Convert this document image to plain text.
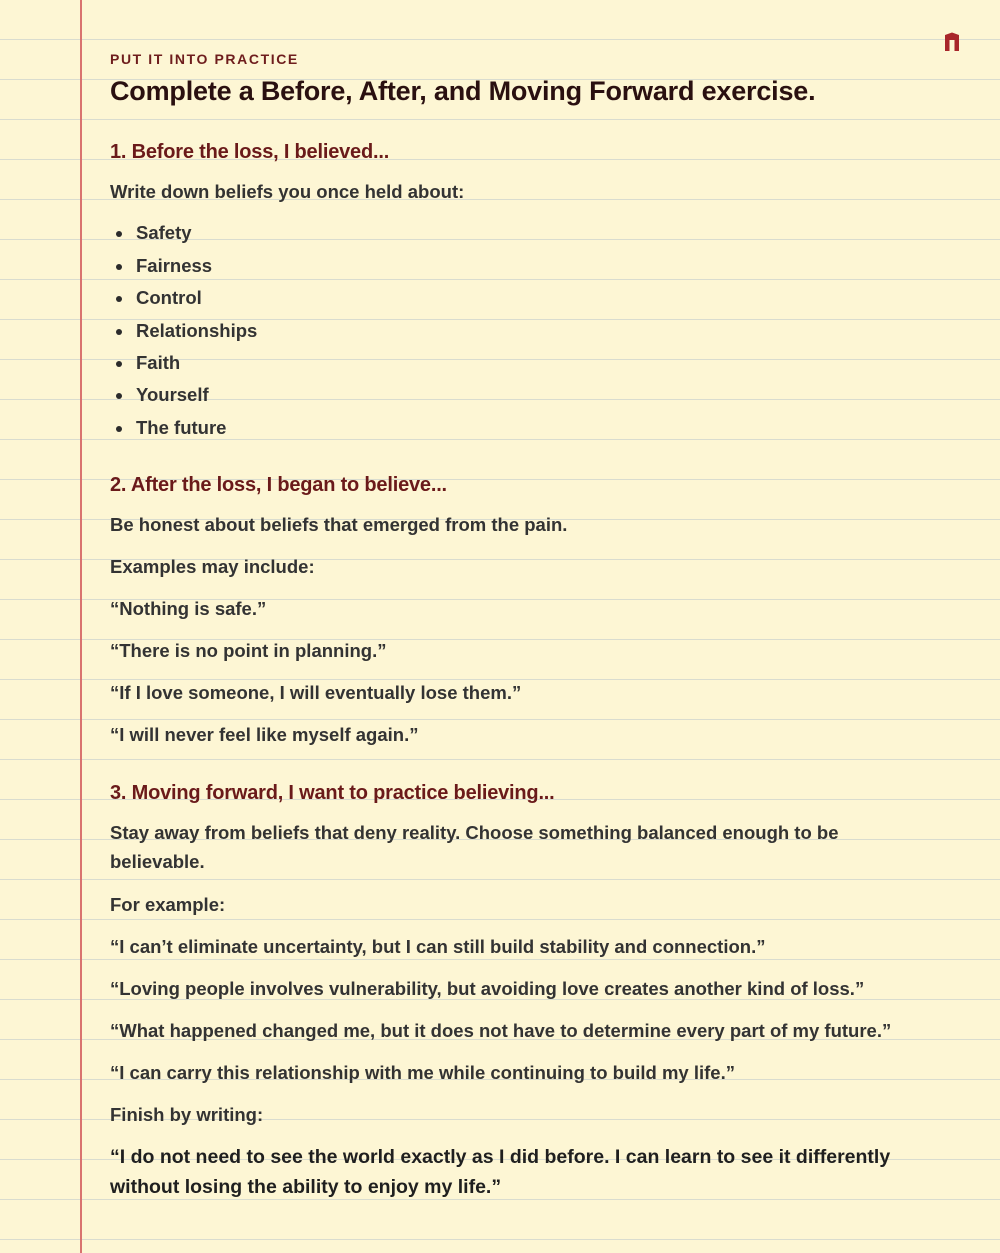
PUT IT INTO PRACTICE
Complete a Before, After, and Moving Forward exercise.
1. Before the loss, I believed...
Write down beliefs you once held about:
Safety
Fairness
Control
Relationships
Faith
Yourself
The future
2. After the loss, I began to believe...
Be honest about beliefs that emerged from the pain.
Examples may include:
“Nothing is safe.”
“There is no point in planning.”
“If I love someone, I will eventually lose them.”
“I will never feel like myself again.”
3. Moving forward, I want to practice believing...
Stay away from beliefs that deny reality. Choose something balanced enough to be believable.
For example:
“I can’t eliminate uncertainty, but I can still build stability and connection.”
“Loving people involves vulnerability, but avoiding love creates another kind of loss.”
“What happened changed me, but it does not have to determine every part of my future.”
“I can carry this relationship with me while continuing to build my life.”
Finish by writing:
“I do not need to see the world exactly as I did before. I can learn to see it differently without losing the ability to enjoy my life.”
